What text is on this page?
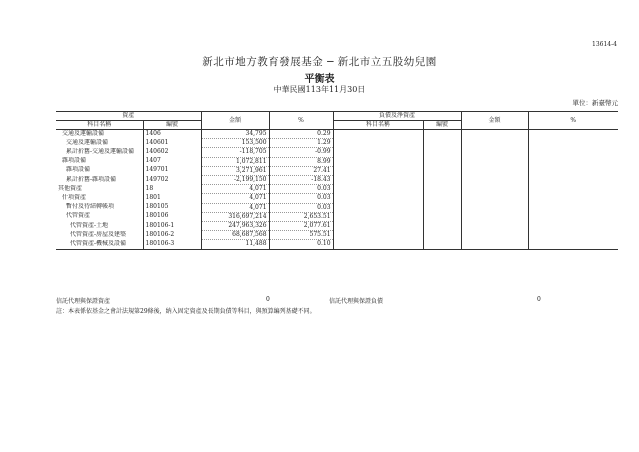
13614-4
新北市地方教育發展基金 ─ 新北市立五股幼兒園
平衡表
中華民國113年11月30日
單位：新臺幣元
資產		金額	%	負債及淨資產		金額	%
科目名稱	編號			科目名稱	編號		
交通及運輸設備	1406	34,795	0.29				
交通及運輸設備	140601	153,500	1.29				
累計折舊-交通及運輸設備	140602	-118,705	-0.99				
雜項設備	1407	1,072,811	8.99				
雜項設備	149701	3,271,961	27.41				
累計折舊-雜項設備	149702	-2,199,150	-18.43				
其他資產	18	4,071	0.03				
什項資產	1801	4,071	0.03				
暫付及待結轉帳項	180105	4,071	0.03				
代管資產	180106	316,697,214	2,653.51				
代管資產-土地	180106-1	247,963,326	2,077.61				
代管資產-房屋及建築	180106-2	68,687,568	575.51				
代管資產-機械及設備	180106-3	11,488	0.10				

信託代理與保證資產	0	信託代理與保證負債	0
註：本表係依基金之會計法規第29條後，納入固定資產及長期負債等科目，與預算編列基礎不同。
